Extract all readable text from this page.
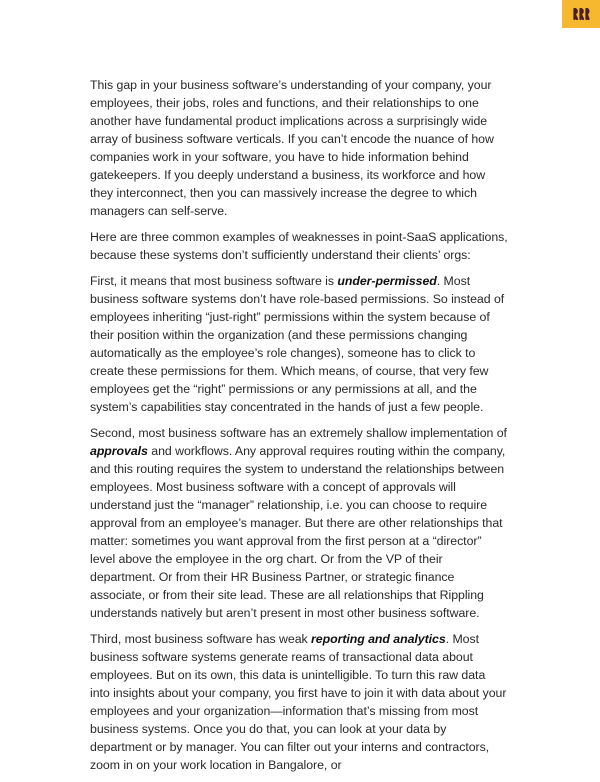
This gap in your business software’s understanding of your company, your employees, their jobs, roles and functions, and their relationships to one another have fundamental product implications across a surprisingly wide array of business software verticals. If you can’t encode the nuance of how companies work in your software, you have to hide information behind gatekeepers. If you deeply understand a business, its workforce and how they interconnect, then you can massively increase the degree to which managers can self-serve.

Here are three common examples of weaknesses in point-SaaS applications, because these systems don’t sufficiently understand their clients’ orgs:

First, it means that most business software is under-permissed. Most business software systems don’t have role-based permissions. So instead of employees inheriting “just-right” permissions within the system because of their position within the organization (and these permissions changing automatically as the employee’s role changes), someone has to click to create these permissions for them. Which means, of course, that very few employees get the “right” permissions or any permissions at all, and the system’s capabilities stay concentrated in the hands of just a few people.

Second, most business software has an extremely shallow implementation of approvals and workflows. Any approval requires routing within the company, and this routing requires the system to understand the relationships between employees. Most business software with a concept of approvals will understand just the “manager” relationship, i.e. you can choose to require approval from an employee’s manager. But there are other relationships that matter: sometimes you want approval from the first person at a “director” level above the employee in the org chart. Or from the VP of their department. Or from their HR Business Partner, or strategic finance associate, or from their site lead. These are all relationships that Rippling understands natively but aren’t present in most other business software.

Third, most business software has weak reporting and analytics. Most business software systems generate reams of transactional data about employees. But on its own, this data is unintelligible. To turn this raw data into insights about your company, you first have to join it with data about your employees and your organization—information that’s missing from most business systems. Once you do that, you can look at your data by department or by manager. You can filter out your interns and contractors, zoom in on your work location in Bangalore, or
